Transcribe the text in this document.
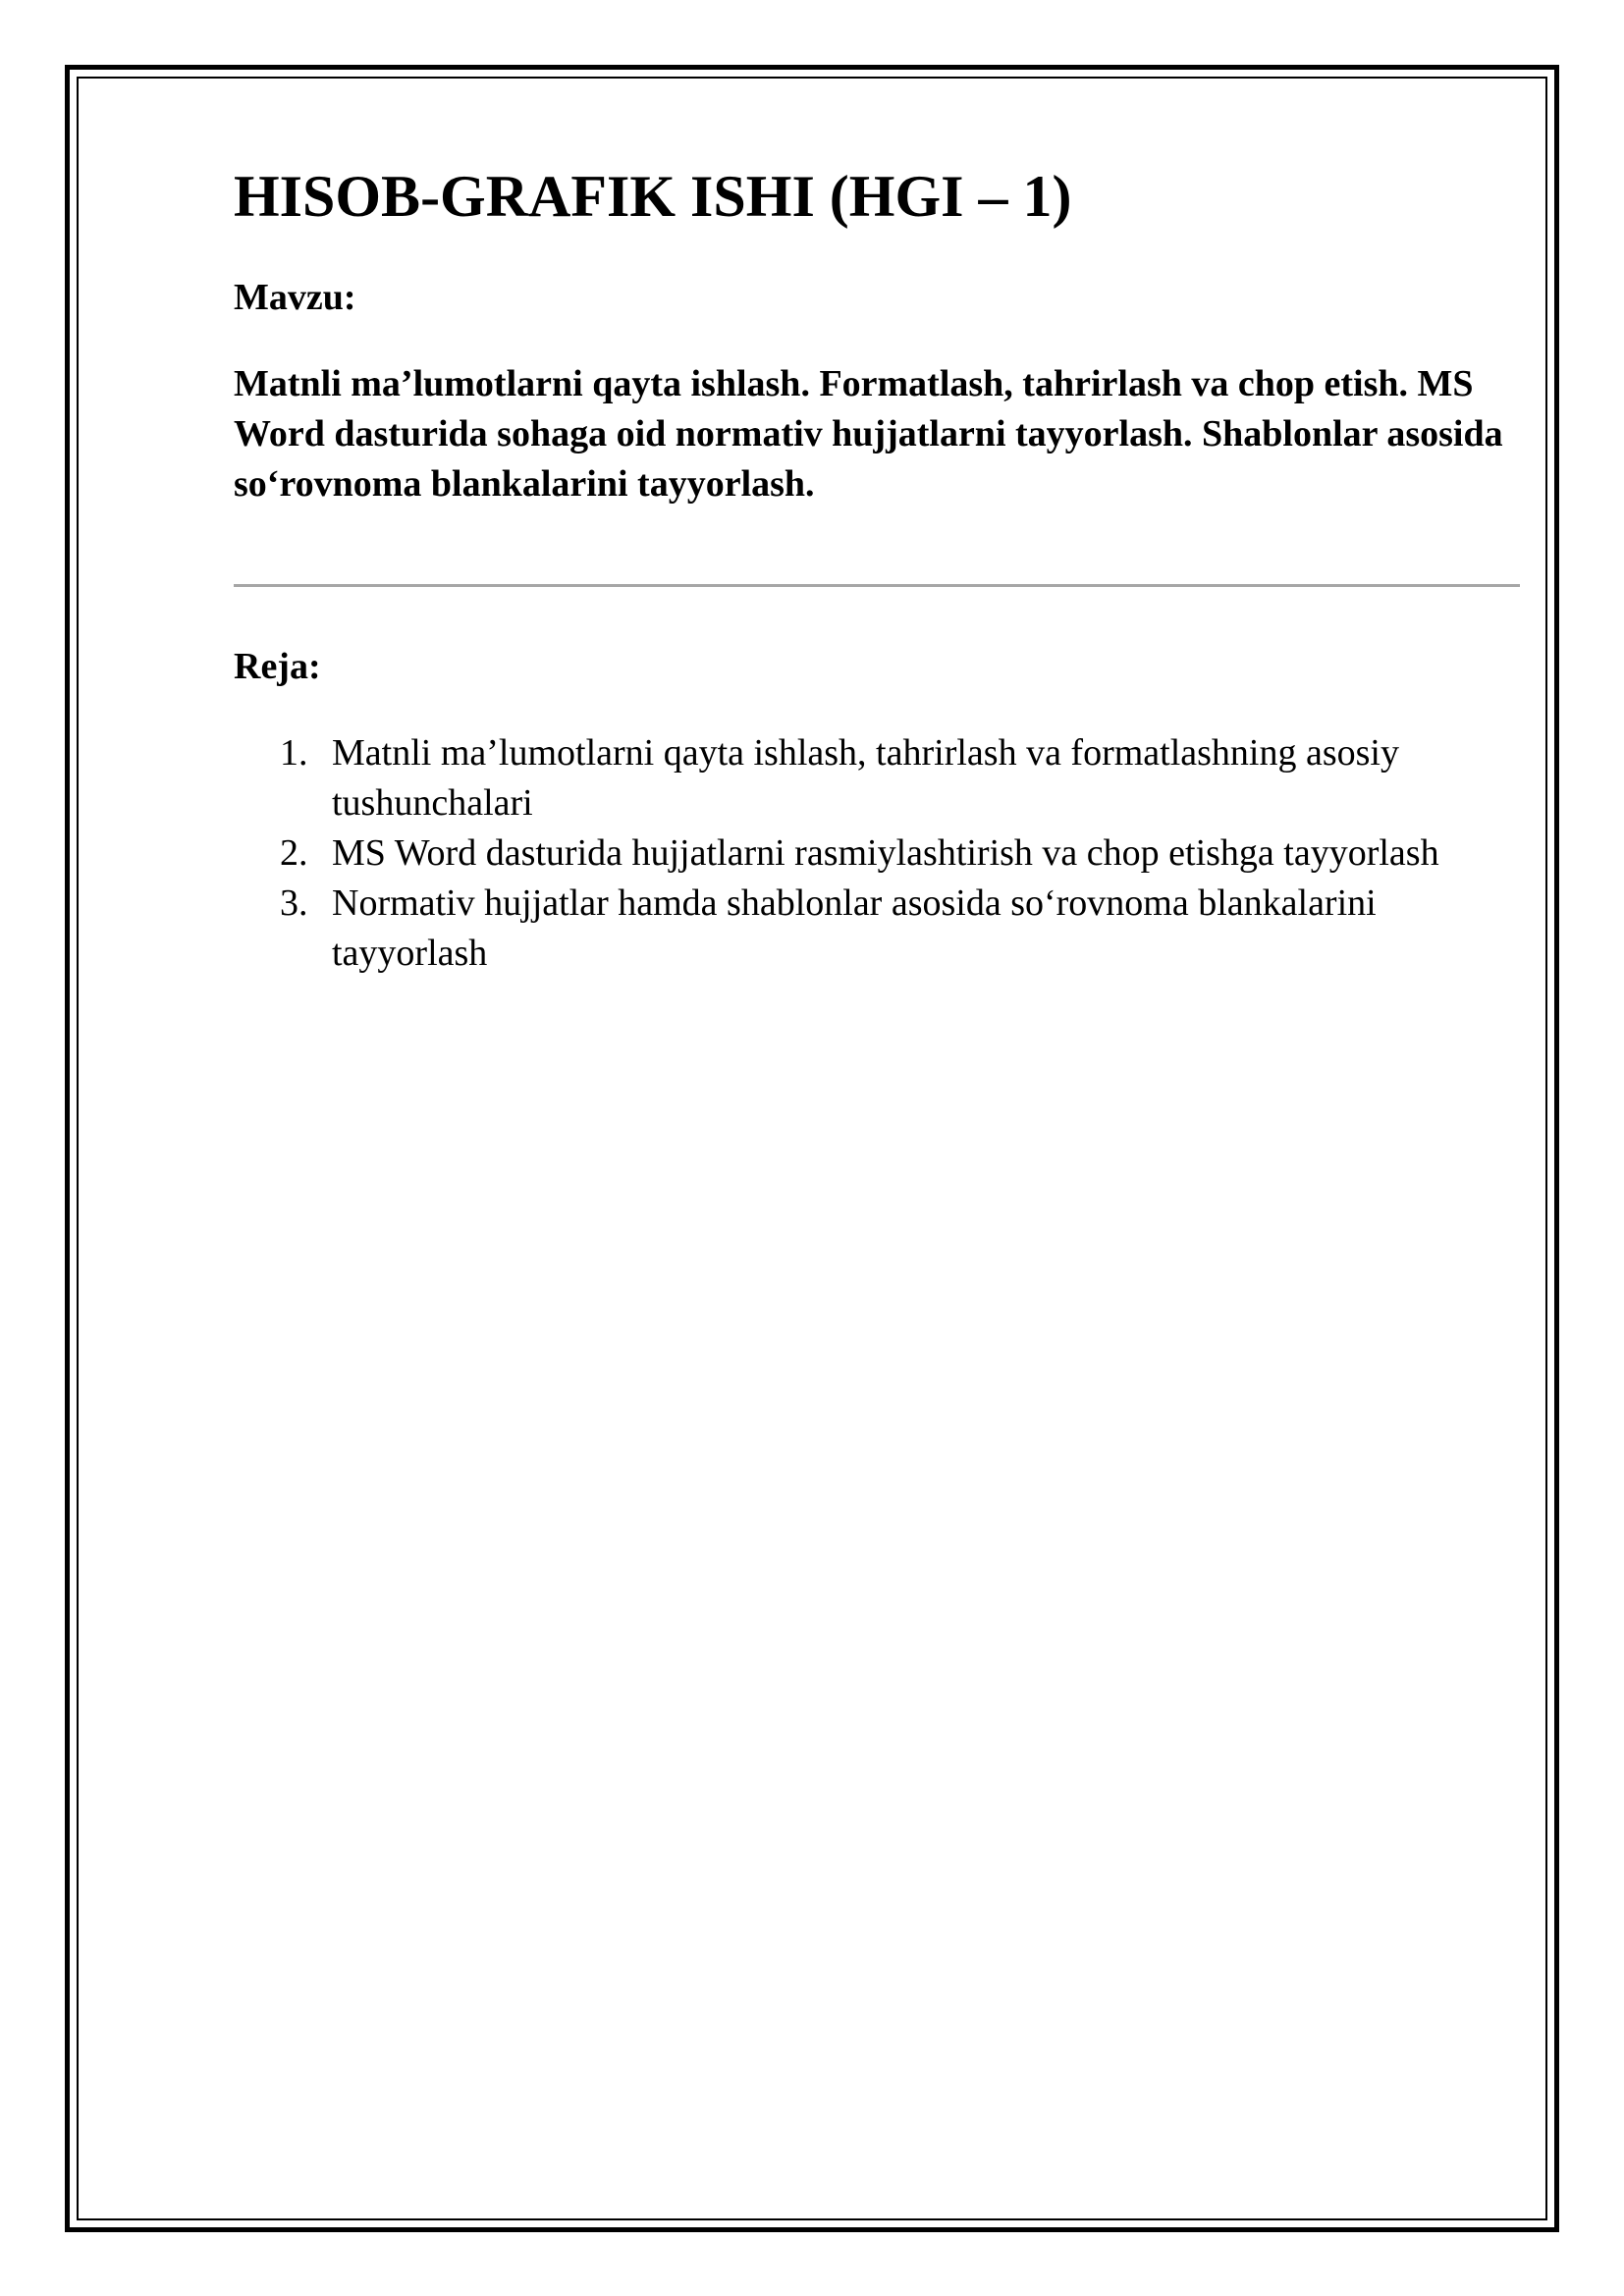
HISOB-GRAFIK ISHI (HGI – 1)

Mavzu:

Matnli ma’lumotlarni qayta ishlash. Formatlash, tahrirlash va chop etish. MS Word dasturida sohaga oid normativ hujjatlarni tayyorlash. Shablonlar asosida so‘rovnoma blankalarini tayyorlash.

Reja:

1. Matnli ma’lumotlarni qayta ishlash, tahrirlash va formatlashning asosiy tushunchalari
2. MS Word dasturida hujjatlarni rasmiylashtirish va chop etishga tayyorlash
3. Normativ hujjatlar hamda shablonlar asosida so‘rovnoma blankalarini tayyorlash
